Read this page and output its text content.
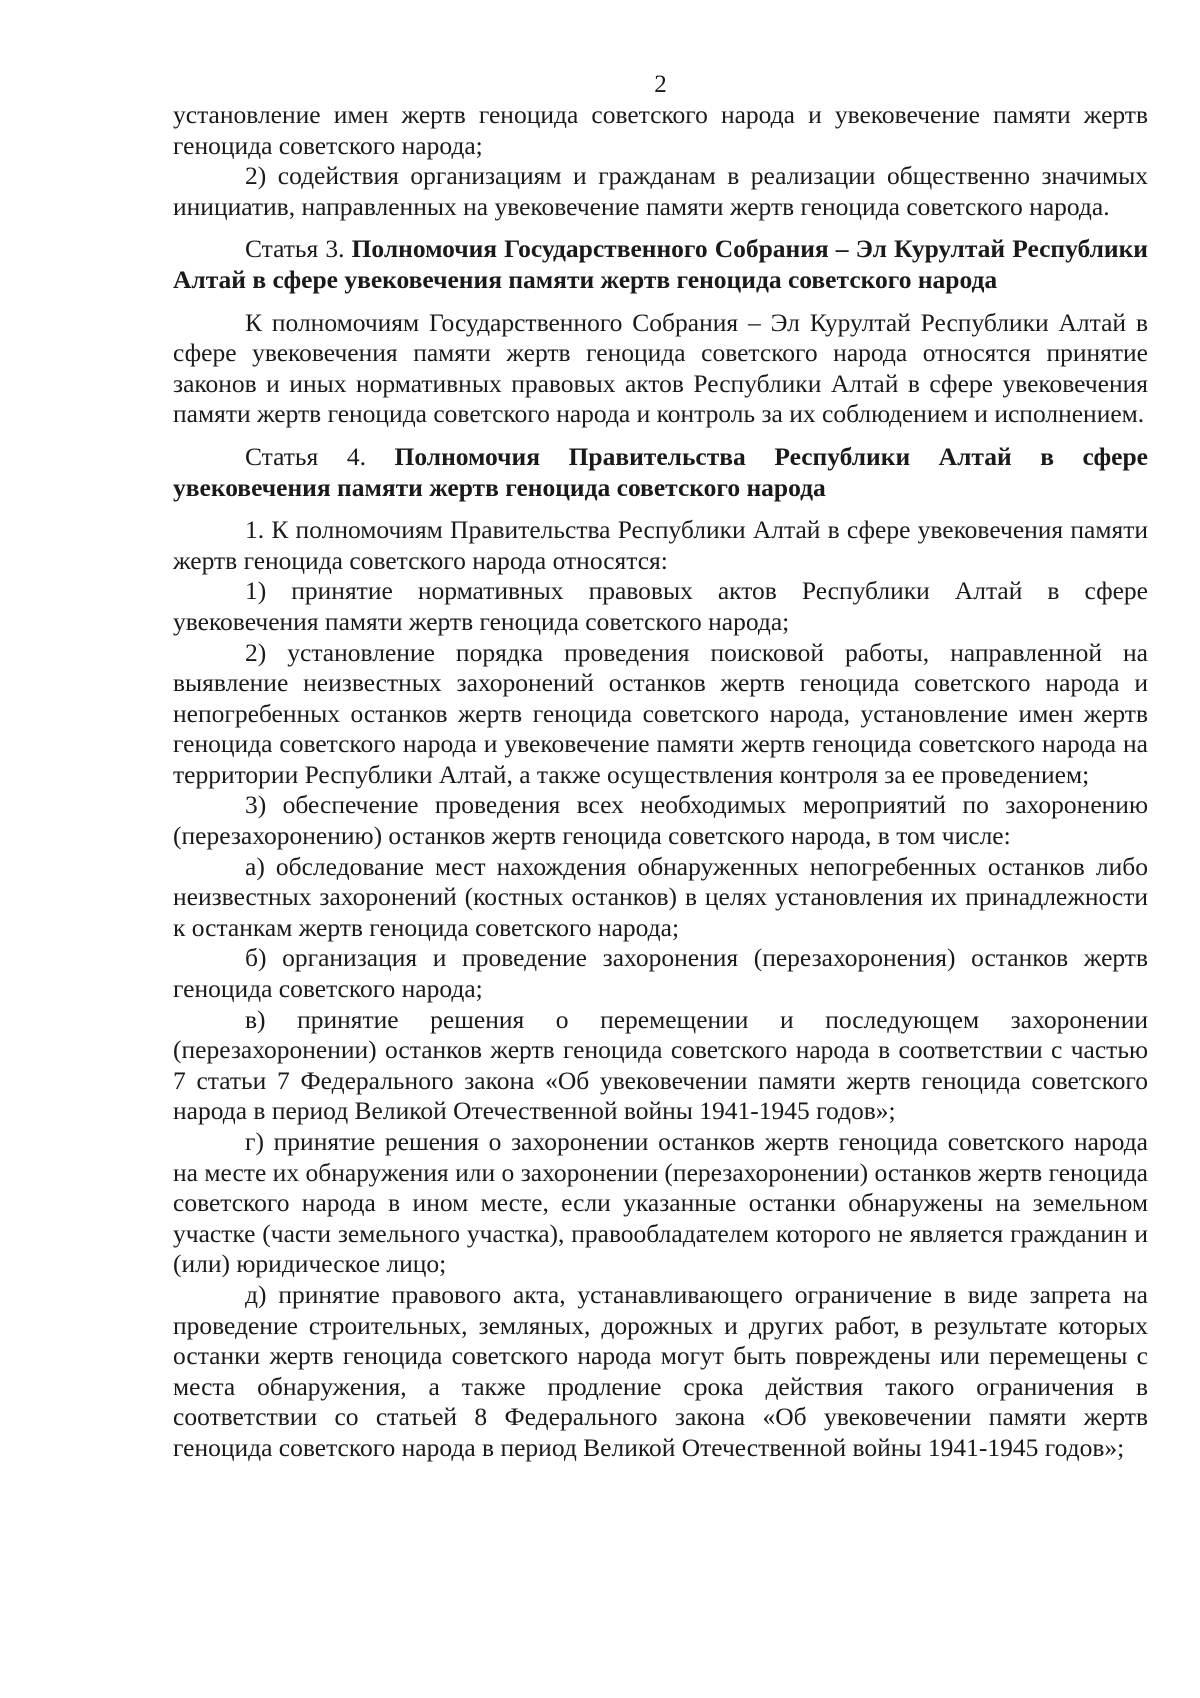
2

установление имен жертв геноцида советского народа и увековечение памяти жертв геноцида советского народа;

2) содействия организациям и гражданам в реализации общественно значимых инициатив, направленных на увековечение памяти жертв геноцида советского народа.

Статья 3. Полномочия Государственного Собрания – Эл Курултай Республики Алтай в сфере увековечения памяти жертв геноцида советского народа

К полномочиям Государственного Собрания – Эл Курултай Республики Алтай в сфере увековечения памяти жертв геноцида советского народа относятся принятие законов и иных нормативных правовых актов Республики Алтай в сфере увековечения памяти жертв геноцида советского народа и контроль за их соблюдением и исполнением.

Статья 4. Полномочия Правительства Республики Алтай в сфере увековечения памяти жертв геноцида советского народа

1. К полномочиям Правительства Республики Алтай в сфере увековечения памяти жертв геноцида советского народа относятся:

1) принятие нормативных правовых актов Республики Алтай в сфере увековечения памяти жертв геноцида советского народа;

2) установление порядка проведения поисковой работы, направленной на выявление неизвестных захоронений останков жертв геноцида советского народа и непогребенных останков жертв геноцида советского народа, установление имен жертв геноцида советского народа и увековечение памяти жертв геноцида советского народа на территории Республики Алтай, а также осуществления контроля за ее проведением;

3) обеспечение проведения всех необходимых мероприятий по захоронению (перезахоронению) останков жертв геноцида советского народа, в том числе:

а) обследование мест нахождения обнаруженных непогребенных останков либо неизвестных захоронений (костных останков) в целях установления их принадлежности к останкам жертв геноцида советского народа;

б) организация и проведение захоронения (перезахоронения) останков жертв геноцида советского народа;

в) принятие решения о перемещении и последующем захоронении (перезахоронении) останков жертв геноцида советского народа в соответствии с частью 7 статьи 7 Федерального закона «Об увековечении памяти жертв геноцида советского народа в период Великой Отечественной войны 1941-1945 годов»;

г) принятие решения о захоронении останков жертв геноцида советского народа на месте их обнаружения или о захоронении (перезахоронении) останков жертв геноцида советского народа в ином месте, если указанные останки обнаружены на земельном участке (части земельного участка), правообладателем которого не является гражданин и (или) юридическое лицо;

д) принятие правового акта, устанавливающего ограничение в виде запрета на проведение строительных, земляных, дорожных и других работ, в результате которых останки жертв геноцида советского народа могут быть повреждены или перемещены с места обнаружения, а также продление срока действия такого ограничения в соответствии со статьей 8 Федерального закона «Об увековечении памяти жертв геноцида советского народа в период Великой Отечественной войны 1941-1945 годов»;
